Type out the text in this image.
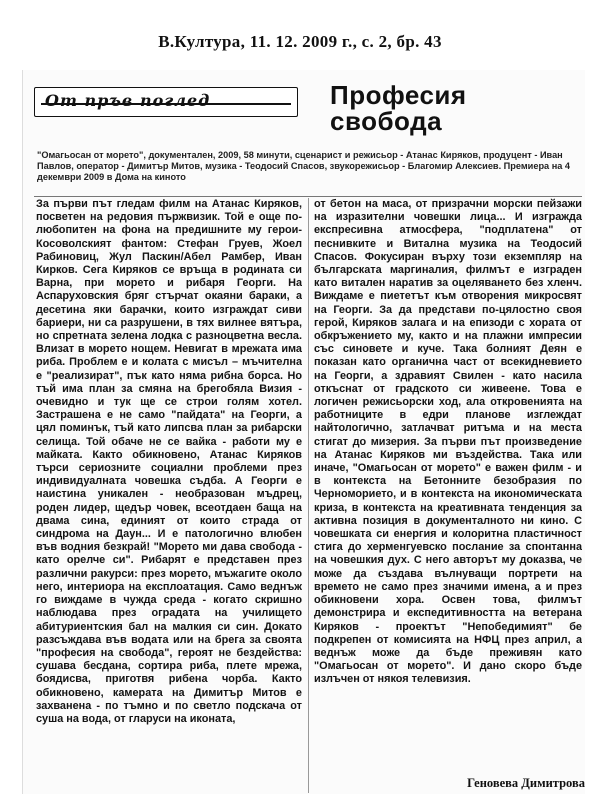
В.Култура, 11. 12. 2009 г., с. 2, бр. 43
От пръв поглед	Професия
свобода
"Омагьосан от морето", документален, 2009, 58 минути, сценарист и режисьор - Атанас Киряков, продуцент - Иван Павлов, оператор - Димитър Митов, музика - Теодосий Спасов, звукорежисьор - Благомир Алексиев. Премиера на 4 декември 2009 в Дома на киното
За първи път гледам филм на Атанас Киряков, посветен на редовия пържвизик. Той е още по-любопитен на фона на предишните му герои-Косоволският фантом: Стефан Груев, Жоел Рабиновиц, Жул Паскин/Абел Рамбер, Иван Кирков. Сега Киряков се връща в родината си Варна, при морето и рибаря Георги. На Аспаруховския бряг стърчат окаяни бараки, а десетина яки барачки, които изграждат сиви бариери, ни са разрушени, в тях вилнее вятъра, но спретната зелена лодка с разноцветна весла. Влизат в морето нощем. Невигат в мрежата има риба. Проблем е и колата с мисъл – мъчителна е "реализират", пък като няма рибна борса. Но тъй има план за смяна на брегобяла Визия - очевидно и тук ще се строи голям хотел. Застрашена е не само "пайдата" на Георги, а цял поминък, тъй като липсва план за рибарски селища. Той обаче не се вайка - работи му е майката. Както обикновено, Атанас Киряков търси сериозните социални проблеми през индивидуалната човешка съдба. А Георги е наистина уникален - необразован мъдрец, роден лидер, щедър човек, всеотдаен баща на двама сина, единият от които страда от синдрома на Даун... И е патологично влюбен във водния безкрай! "Морето ми дава свобода - като орелче си". Рибарят е представен през различни ракурси: през морето, мъжагите около него, интериора на експлоатация. Само веднъж го виждаме в чужда среда - когато скришно наблюдава през оградата на училището абитуриентския бал на малкия си син. Докато разсъждава във водата или на брега за своята "професия на свобода", героят не бездейства: сушава бесдана, сортира риба, плете мрежа, боядисва, приготвя рибена чорба. Както обикновено, камерата на Димитър Митов е захванена - по тъмно и по светло подскача от суша на вода, от гларуси на иконата,
от бетон на маса, от призрачни морски пейзажи на изразителни човешки лица... И изгражда експресивна атмосфера, "подплатена" от песнивките и Витална музика на Теодосий Спасов. Фокусиран върху този екземпляр на българската маргиналия, филмът е изграден като витален наратив за оцеляването без хленч. Виждаме е пиететът към отворения микросвят на Георги. За да представи по-цялостно своя герой, Киряков залага и на епизоди с хората от обкръжението му, както и на плажни импресии със синовете и куче. Така болният Деян е показан като органична част от всекидневието на Георги, а здравият Свилен - като насила откъснат от градското си живеене. Това е логичен режисьорски ход, ала откровенията на работниците в едри планове изглеждат найтологично, затлачват ритъма и на места стигат до мизерия. За първи път произведение на Атанас Киряков ми въздейства. Така или иначе, "Омагьосан от морето" е важен филм - и в контекста на Бетонните безобразия по Черноморието, и в контекста на икономическата криза, в контекста на креативната тенденция за активна позиция в документалното ни кино. С човешката си енергия и колоритна пластичност стига до херменгуевско послание за спонтанна на човешкия дух. С него авторът му доказва, че може да създава вълнуващи портрети на времето не само през значими имена, а и през обикновени хора. Освен това, филмът демонстрира и експедитивността на ветерана Киряков - проектът "Непобедимият" бе подкрепен от комисията на НФЦ през април, а веднъж може да бъде преживян като "Омагьосан от морето". И дано скоро бъде излъчен от някоя телевизия.
Геновева Димитрова
